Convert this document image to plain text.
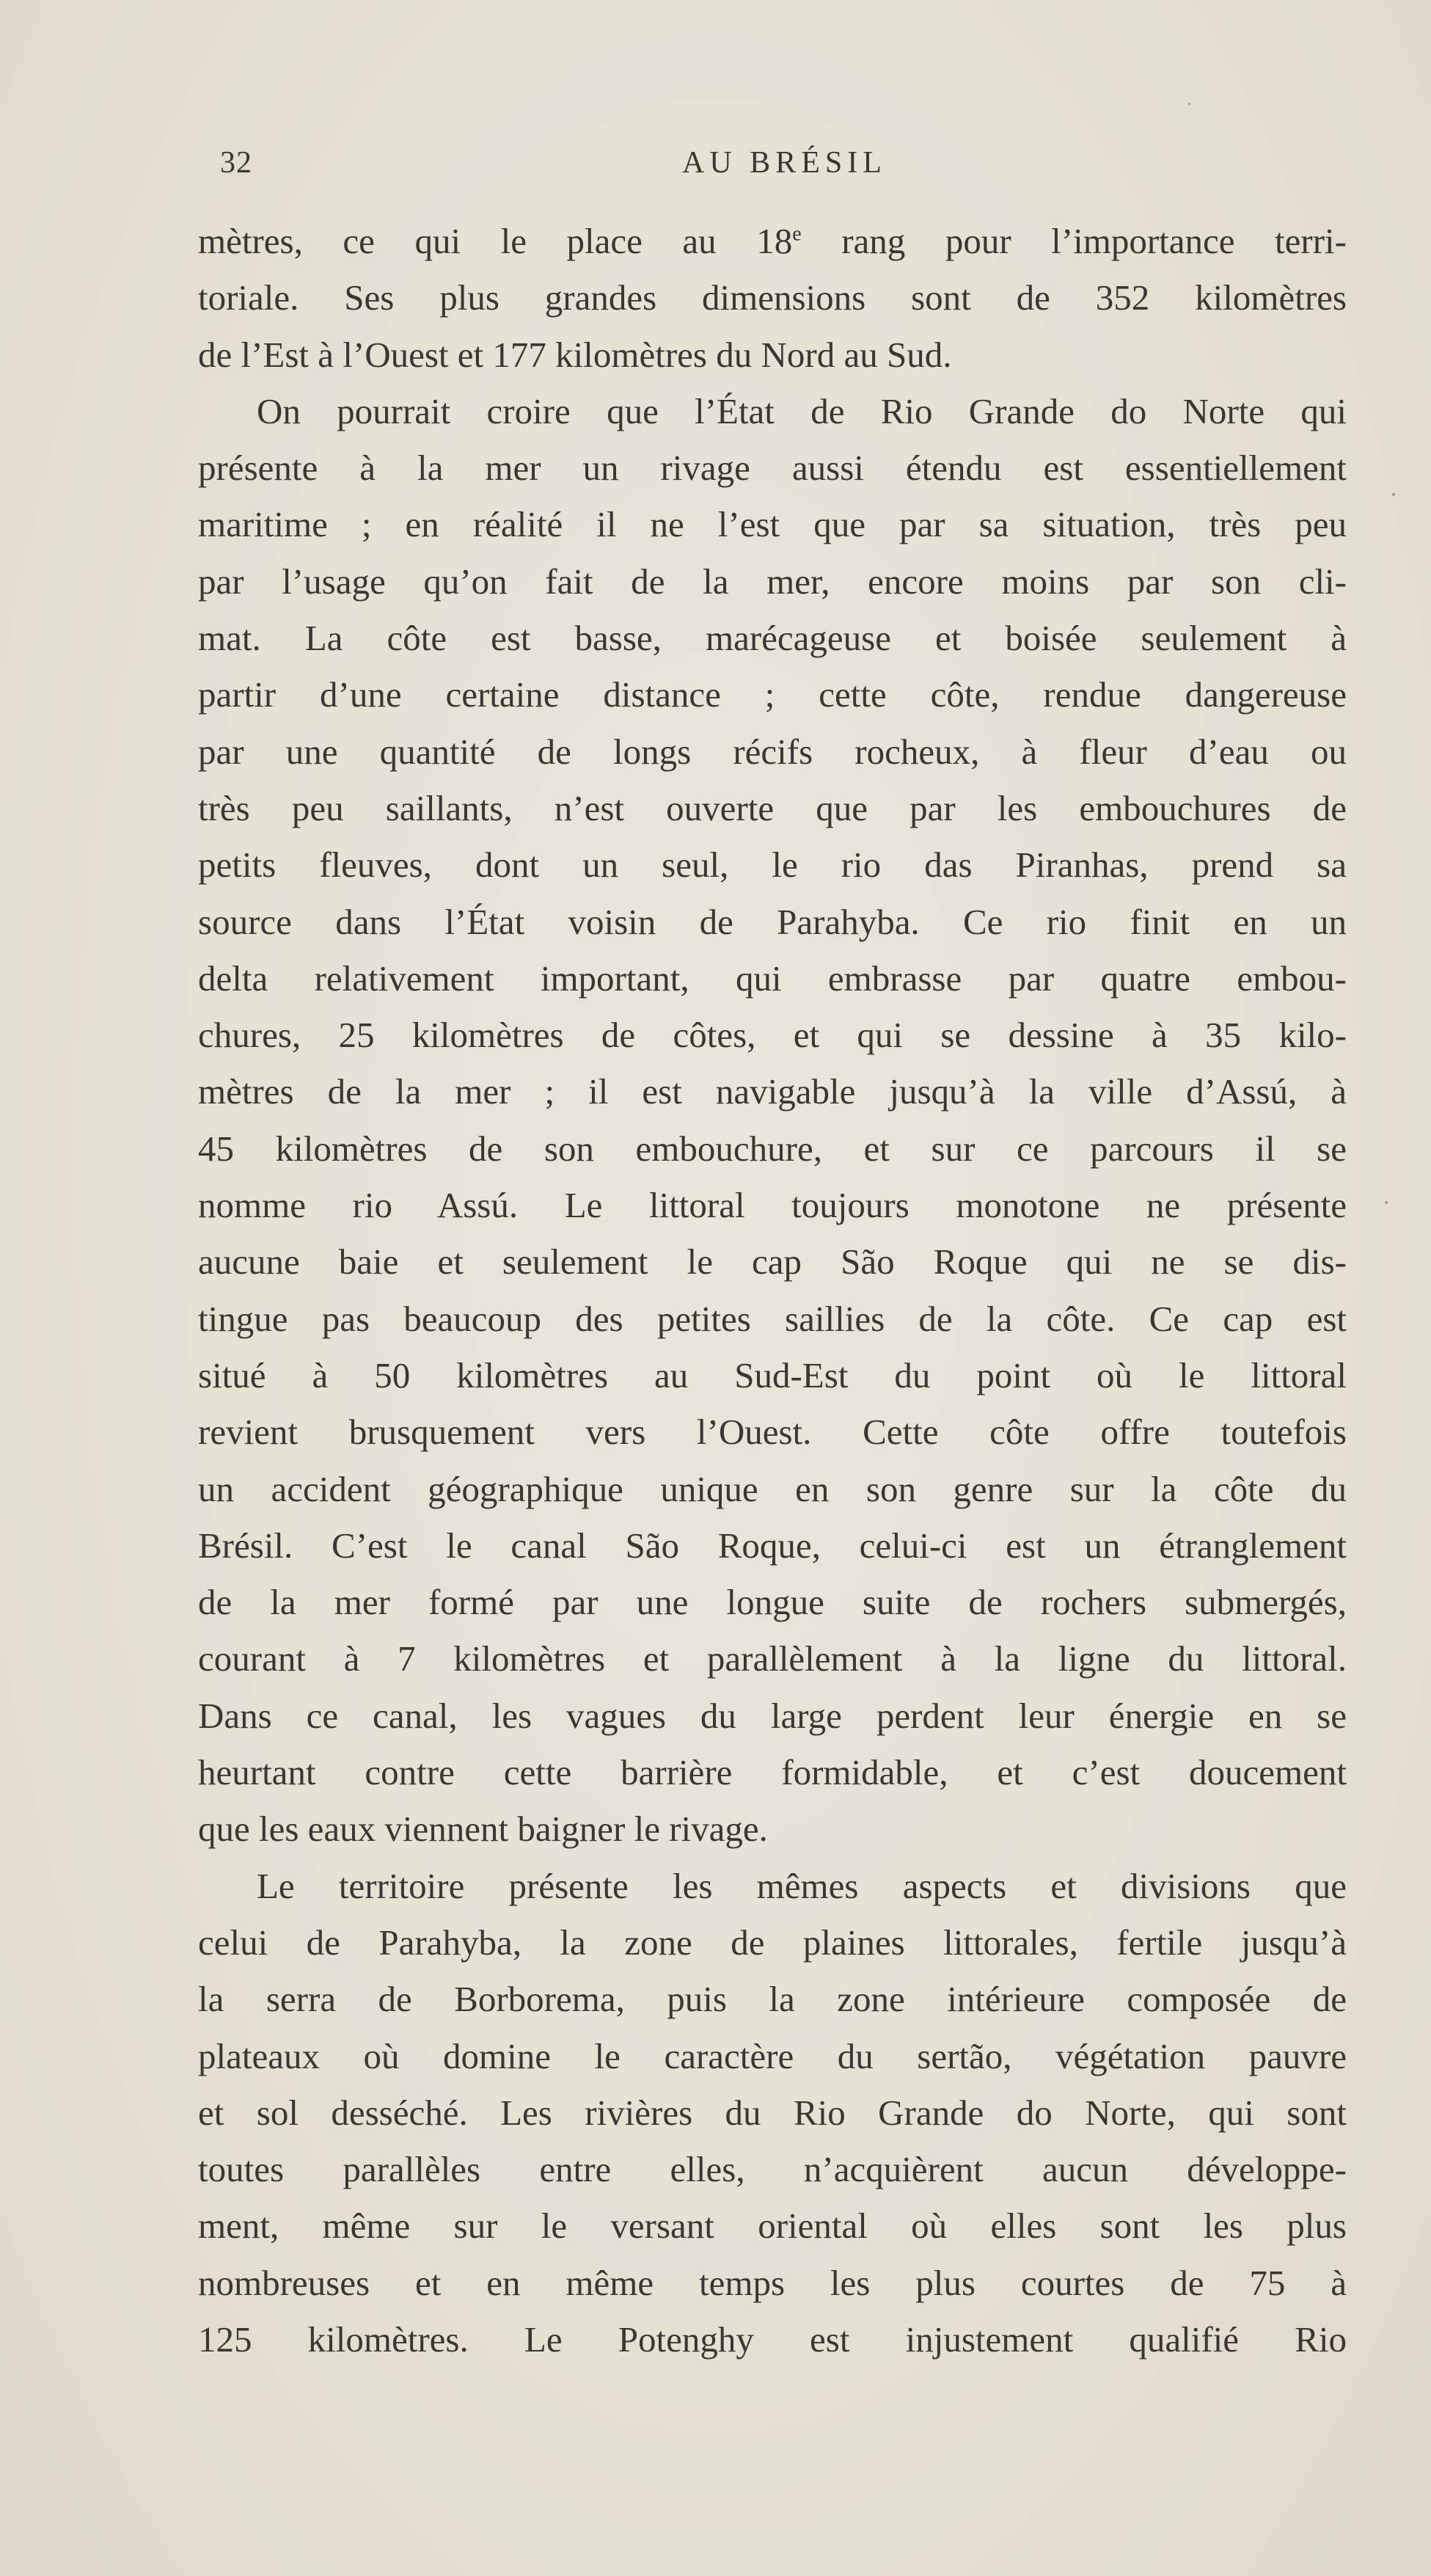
32	AU BRÉSIL
mètres, ce qui le place au 18e rang pour l’importance terri-
toriale. Ses plus grandes dimensions sont de 352 kilomètres
de l’Est à l’Ouest et 177 kilomètres du Nord au Sud.
On pourrait croire que l’État de Rio Grande do Norte qui
présente à la mer un rivage aussi étendu est essentiellement
maritime ; en réalité il ne l’est que par sa situation, très peu
par l’usage qu’on fait de la mer, encore moins par son cli-
mat. La côte est basse, marécageuse et boisée seulement à
partir d’une certaine distance ; cette côte, rendue dangereuse
par une quantité de longs récifs rocheux, à fleur d’eau ou
très peu saillants, n’est ouverte que par les embouchures de
petits fleuves, dont un seul, le rio das Piranhas, prend sa
source dans l’État voisin de Parahyba. Ce rio finit en un
delta relativement important, qui embrasse par quatre embou-
chures, 25 kilomètres de côtes, et qui se dessine à 35 kilo-
mètres de la mer ; il est navigable jusqu’à la ville d’Assú, à
45 kilomètres de son embouchure, et sur ce parcours il se
nomme rio Assú. Le littoral toujours monotone ne présente
aucune baie et seulement le cap São Roque qui ne se dis-
tingue pas beaucoup des petites saillies de la côte. Ce cap est
situé à 50 kilomètres au Sud-Est du point où le littoral
revient brusquement vers l’Ouest. Cette côte offre toutefois
un accident géographique unique en son genre sur la côte du
Brésil. C’est le canal São Roque, celui-ci est un étranglement
de la mer formé par une longue suite de rochers submergés,
courant à 7 kilomètres et parallèlement à la ligne du littoral.
Dans ce canal, les vagues du large perdent leur énergie en se
heurtant contre cette barrière formidable, et c’est doucement
que les eaux viennent baigner le rivage.
Le territoire présente les mêmes aspects et divisions que
celui de Parahyba, la zone de plaines littorales, fertile jusqu’à
la serra de Borborema, puis la zone intérieure composée de
plateaux où domine le caractère du sertão, végétation pauvre
et sol desséché. Les rivières du Rio Grande do Norte, qui sont
toutes parallèles entre elles, n’acquièrent aucun développe-
ment, même sur le versant oriental où elles sont les plus
nombreuses et en même temps les plus courtes de 75 à
125 kilomètres. Le Potenghy est injustement qualifié Rio
